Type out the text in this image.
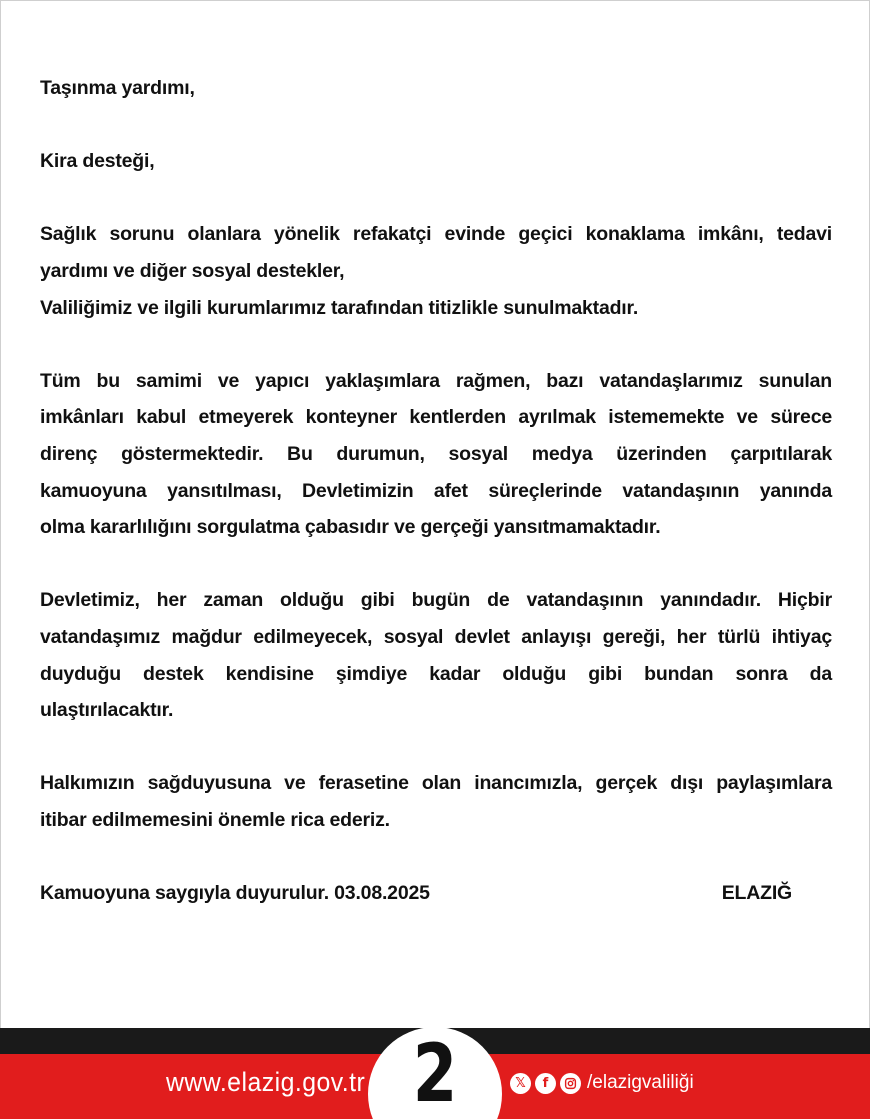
Taşınma yardımı,
Kira desteği,
Sağlık sorunu olanlara yönelik refakatçi evinde geçici konaklama imkânı, tedavi
yardımı ve diğer sosyal destekler,
Valiliğimiz ve ilgili kurumlarımız tarafından titizlikle sunulmaktadır.
Tüm bu samimi ve yapıcı yaklaşımlara rağmen, bazı vatandaşlarımız sunulan
imkânları kabul etmeyerek konteyner kentlerden ayrılmak istememekte ve sürece
direnç göstermektedir. Bu durumun, sosyal medya üzerinden çarpıtılarak
kamuoyuna yansıtılması, Devletimizin afet süreçlerinde vatandaşının yanında
olma kararlılığını sorgulatma çabasıdır ve gerçeği yansıtmamaktadır.
Devletimiz, her zaman olduğu gibi bugün de vatandaşının yanındadır. Hiçbir
vatandaşımız mağdur edilmeyecek, sosyal devlet anlayışı gereği, her türlü ihtiyaç
duyduğu destek kendisine şimdiye kadar olduğu gibi bundan sonra da
ulaştırılacaktır.
Halkımızın sağduyusuna ve ferasetine olan inancımızla, gerçek dışı paylaşımlara
itibar edilmemesini önemle rica ederiz.
Kamuoyuna saygıyla duyurulur. 03.08.2025	ELAZIĞ
2
www.elazig.gov.tr	𝕏	f	/elazigvaliliği
